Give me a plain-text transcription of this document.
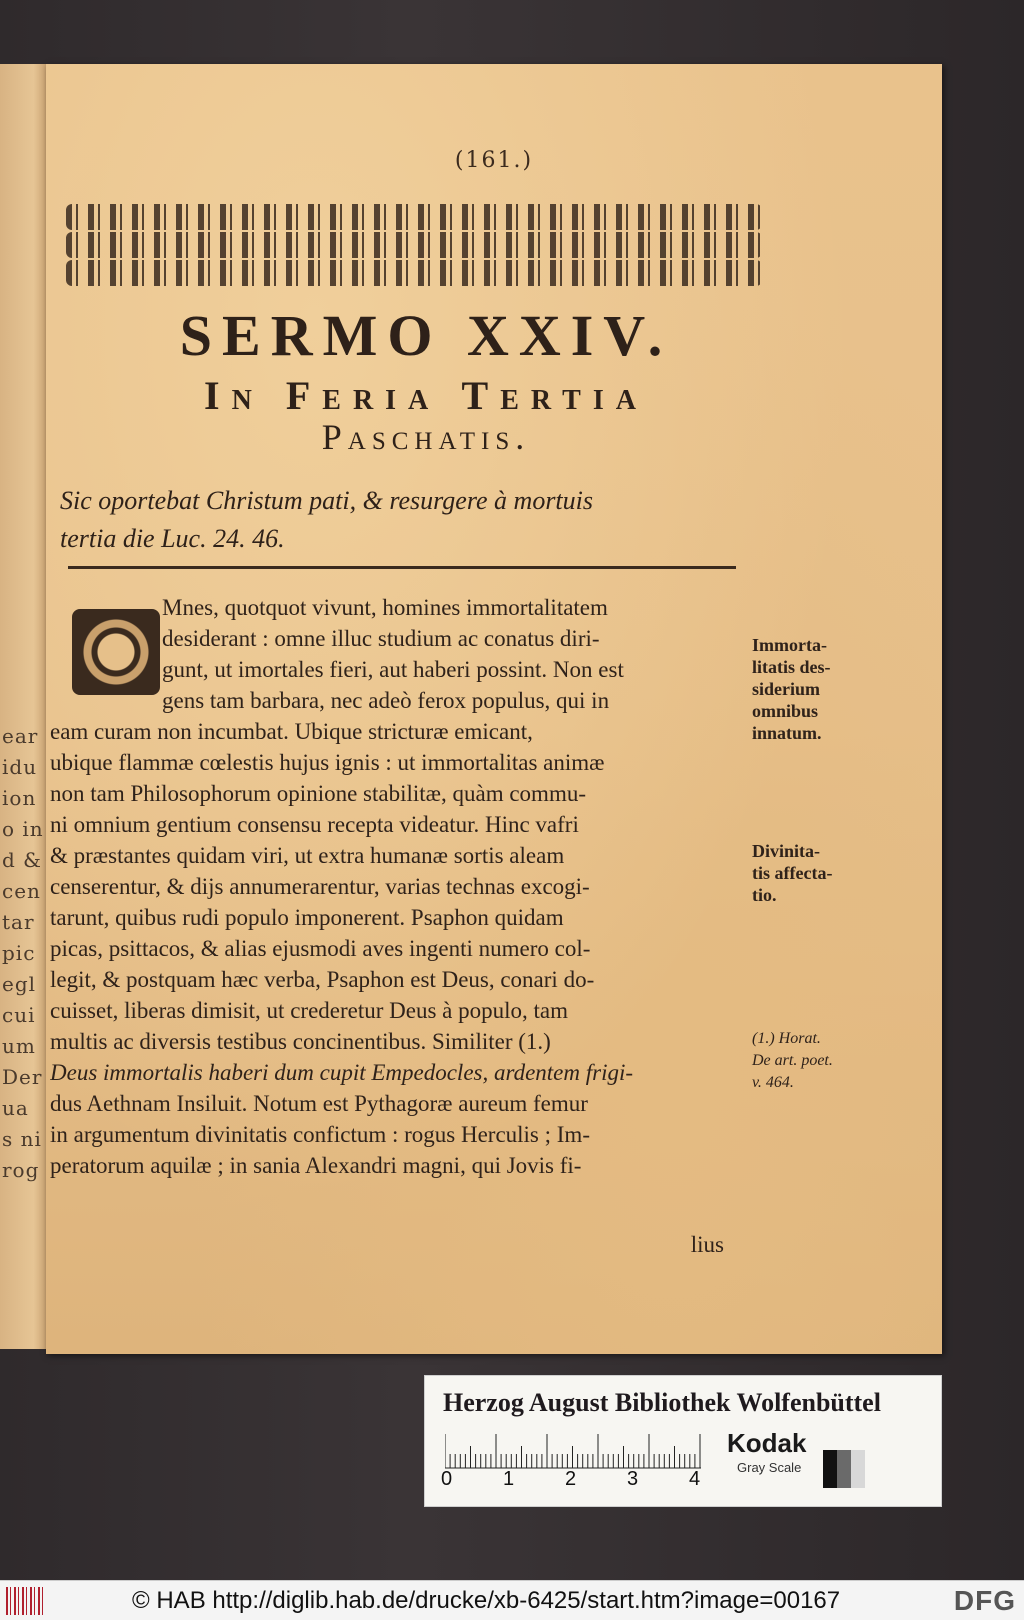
ear
idu
ion
o in
d &
cen
tar
pic
egl
cui
um
Der
ua
s ni
rog
(161.)
SERMO XXIV.
In Feria Tertia
Paschatis.
Sic oportebat Christum pati, & resurgere à mortuis
tertia die Luc. 24. 46.
Mnes, quotquot vivunt, homines immortalitatem
desiderant : omne illuc studium ac conatus diri-
gunt, ut imortales fieri, aut haberi possint. Non est
gens tam barbara, nec adeò ferox populus, qui in
eam curam non incumbat. Ubique stricturæ emicant,
ubique flammæ cœlestis hujus ignis : ut immortalitas animæ
non tam Philosophorum opinione stabilitæ, quàm commu-
ni omnium gentium consensu recepta videatur. Hinc vafri
& præstantes quidam viri, ut extra humanæ sortis aleam
censerentur, & dijs annumerarentur, varias technas excogi-
tarunt, quibus rudi populo imponerent. Psaphon quidam
picas, psittacos, & alias ejusmodi aves ingenti numero col-
legit, & postquam hæc verba, Psaphon est Deus, conari do-
cuisset, liberas dimisit, ut crederetur Deus à populo, tam
multis ac diversis testibus concinentibus. Similiter (1.)
Deus immortalis haberi dum cupit Empedocles, ardentem frigi-
dus Aethnam Insiluit. Notum est Pythagoræ aureum femur
in argumentum divinitatis confictum : rogus Herculis ; Im-
peratorum aquilæ ; in sania Alexandri magni, qui Jovis fi-
Immorta-
litatis des-
siderium
omnibus
innatum.
Divinita-
tis affecta-
tio.
(1.) Horat.
De art. poet.
v. 464.
lius
Herzog August Bibliothek Wolfenbüttel
0	1	2	3	4
Kodak
Gray Scale
© HAB http://diglib.hab.de/drucke/xb-6425/start.htm?image=00167	DFG
